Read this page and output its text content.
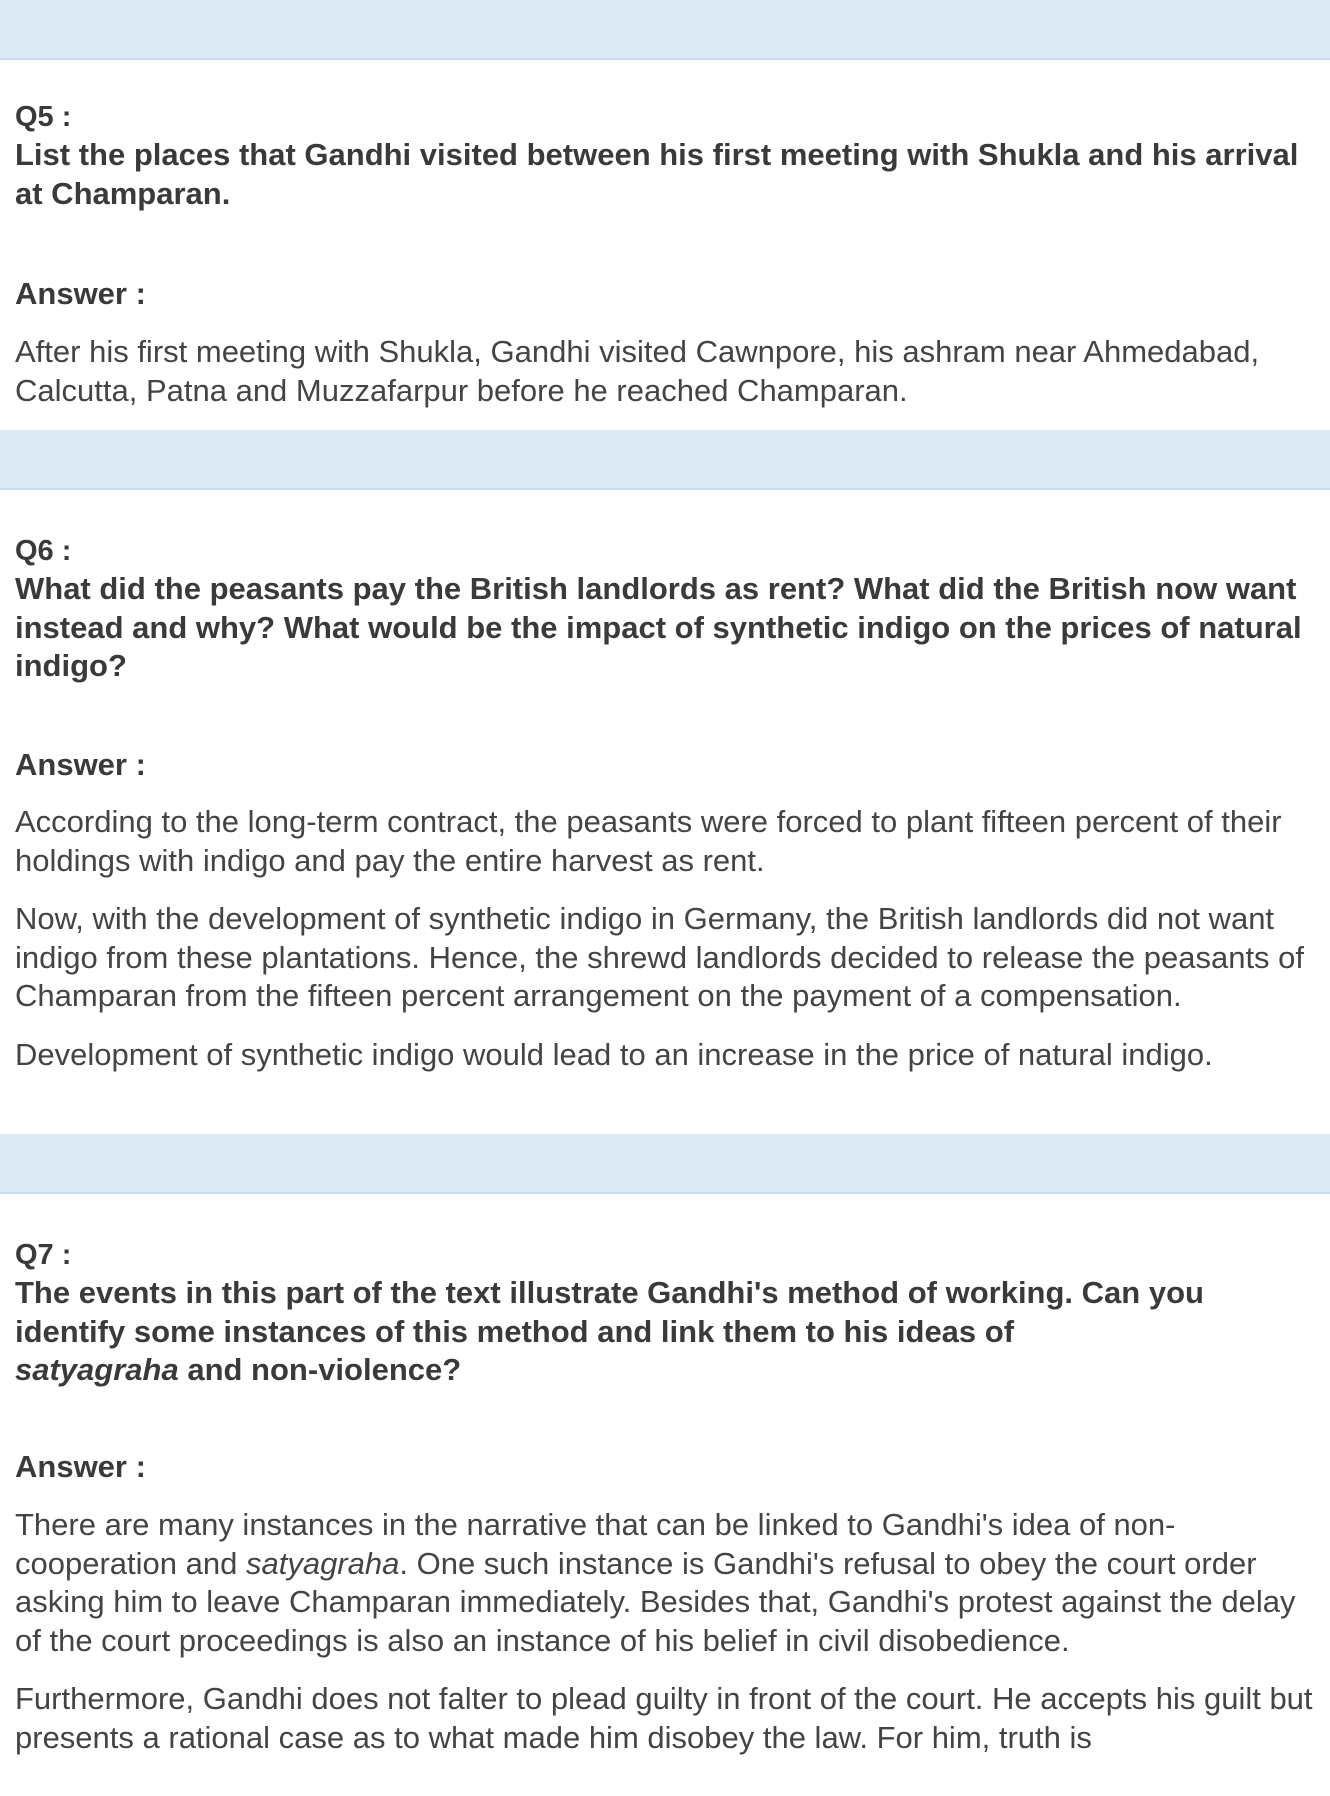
Q5 :
List the places that Gandhi visited between his first meeting with Shukla and his arrival at Champaran.
Answer :

After his first meeting with Shukla, Gandhi visited Cawnpore, his ashram near Ahmedabad, Calcutta, Patna and Muzzafarpur before he reached Champaran.

Q6 :
What did the peasants pay the British landlords as rent? What did the British now want instead and why? What would be the impact of synthetic indigo on the prices of natural indigo?
Answer :

According to the long-term contract, the peasants were forced to plant fifteen percent of their holdings with indigo and pay the entire harvest as rent.

Now, with the development of synthetic indigo in Germany, the British landlords did not want indigo from these plantations. Hence, the shrewd landlords decided to release the peasants of Champaran from the fifteen percent arrangement on the payment of a compensation.

Development of synthetic indigo would lead to an increase in the price of natural indigo.

Q7 :
The events in this part of the text illustrate Gandhi's method of working. Can you identify some instances of this method and link them to his ideas of
satyagraha and non-violence?
Answer :

There are many instances in the narrative that can be linked to Gandhi's idea of non-cooperation and satyagraha. One such instance is Gandhi's refusal to obey the court order asking him to leave Champaran immediately. Besides that, Gandhi's protest against the delay of the court proceedings is also an instance of his belief in civil disobedience.

Furthermore, Gandhi does not falter to plead guilty in front of the court. He accepts his guilt but presents a rational case as to what made him disobey the law. For him, truth is
